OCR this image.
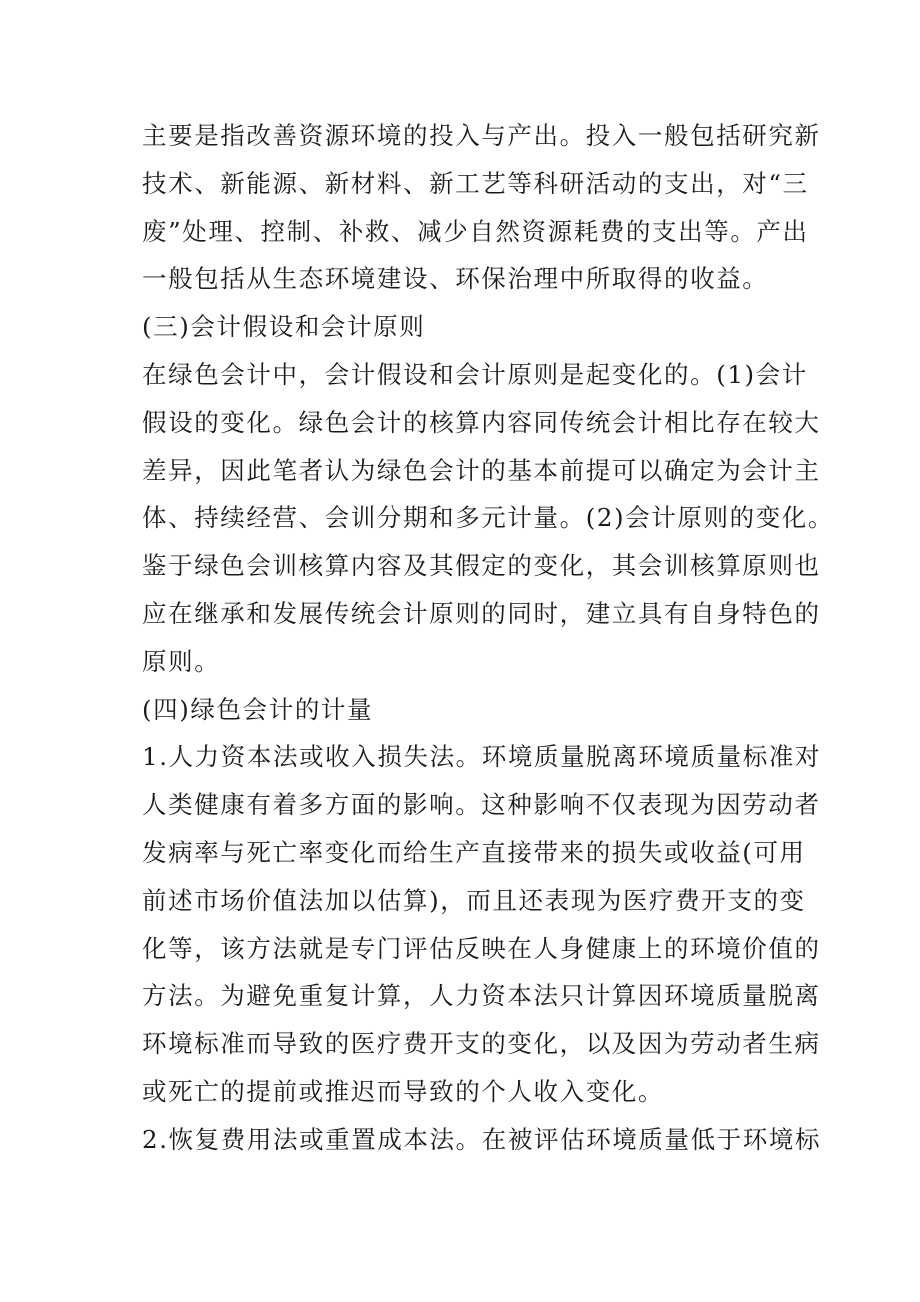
主要是指改善资源环境的投入与产出。投入一般包括研究新
技术、新能源、新材料、新工艺等科研活动的支出，对“三
废”处理、控制、补救、减少自然资源耗费的支出等。产出
一般包括从生态环境建设、环保治理中所取得的收益。
(三)会计假设和会计原则
在绿色会计中，会计假设和会计原则是起变化的。(1)会计
假设的变化。绿色会计的核算内容同传统会计相比存在较大
差异，因此笔者认为绿色会计的基本前提可以确定为会计主
体、持续经营、会训分期和多元计量。(2)会计原则的变化。
鉴于绿色会训核算内容及其假定的变化，其会训核算原则也
应在继承和发展传统会计原则的同时，建立具有自身特色的
原则。
(四)绿色会计的计量
1.人力资本法或收入损失法。环境质量脱离环境质量标准对
人类健康有着多方面的影响。这种影响不仅表现为因劳动者
发病率与死亡率变化而给生产直接带来的损失或收益(可用
前述市场价值法加以估算)，而且还表现为医疗费开支的变
化等，该方法就是专门评估反映在人身健康上的环境价值的
方法。为避免重复计算，人力资本法只计算因环境质量脱离
环境标准而导致的医疗费开支的变化，以及因为劳动者生病
或死亡的提前或推迟而导致的个人收入变化。
2.恢复费用法或重置成本法。在被评估环境质量低于环境标
